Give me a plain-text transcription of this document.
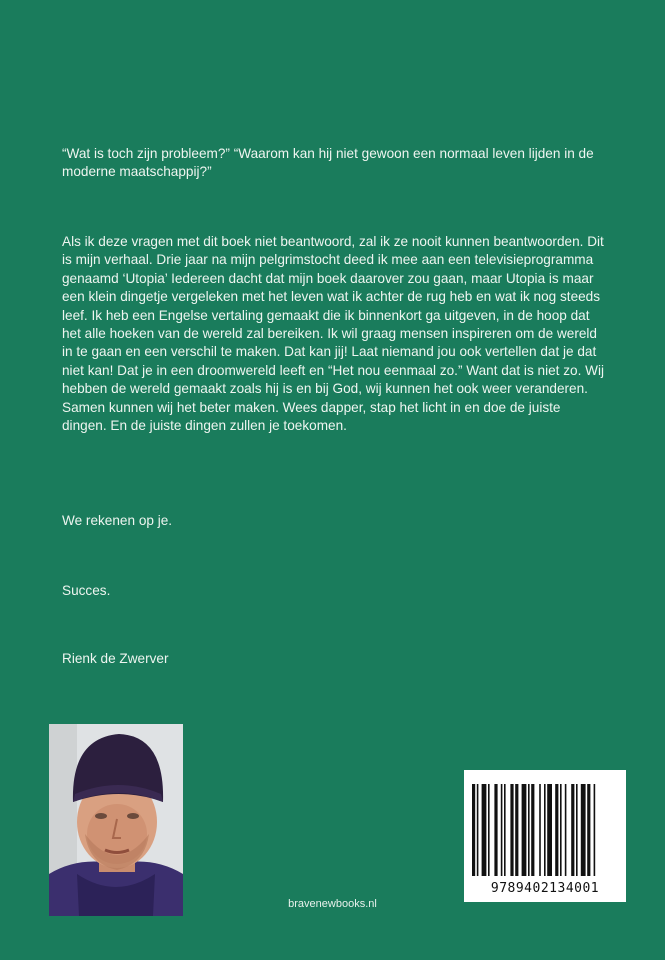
“Wat is toch zijn probleem?” “Waarom kan hij niet gewoon een normaal leven lijden in de moderne maatschappij?”

Als ik deze vragen met dit boek niet beantwoord, zal ik ze nooit kunnen beantwoorden. Dit is mijn verhaal. Drie jaar na mijn pelgrimstocht deed ik mee aan een televisieprogramma genaamd ‘Utopia’ Iedereen dacht dat mijn boek daarover zou gaan, maar Utopia is maar een klein dingetje vergeleken met het leven wat ik achter de rug heb en wat ik nog steeds leef. Ik heb een Engelse vertaling gemaakt die ik binnenkort ga uitgeven, in de hoop dat het alle hoeken van de wereld zal bereiken. Ik wil graag mensen inspireren om de wereld in te gaan en een verschil te maken. Dat kan jij! Laat niemand jou ook vertellen dat je dat niet kan! Dat je in een droomwereld leeft en “Het nou eenmaal zo.” Want dat is niet zo. Wij hebben de wereld gemaakt zoals hij is en bij God, wij kunnen het ook weer veranderen. Samen kunnen wij het beter maken. Wees dapper, stap het licht in en doe de juiste dingen. En de juiste dingen zullen je toekomen.

We rekenen op je.

Succes.

Rienk de Zwerver

9789402134001
bravenewbooks.nl
